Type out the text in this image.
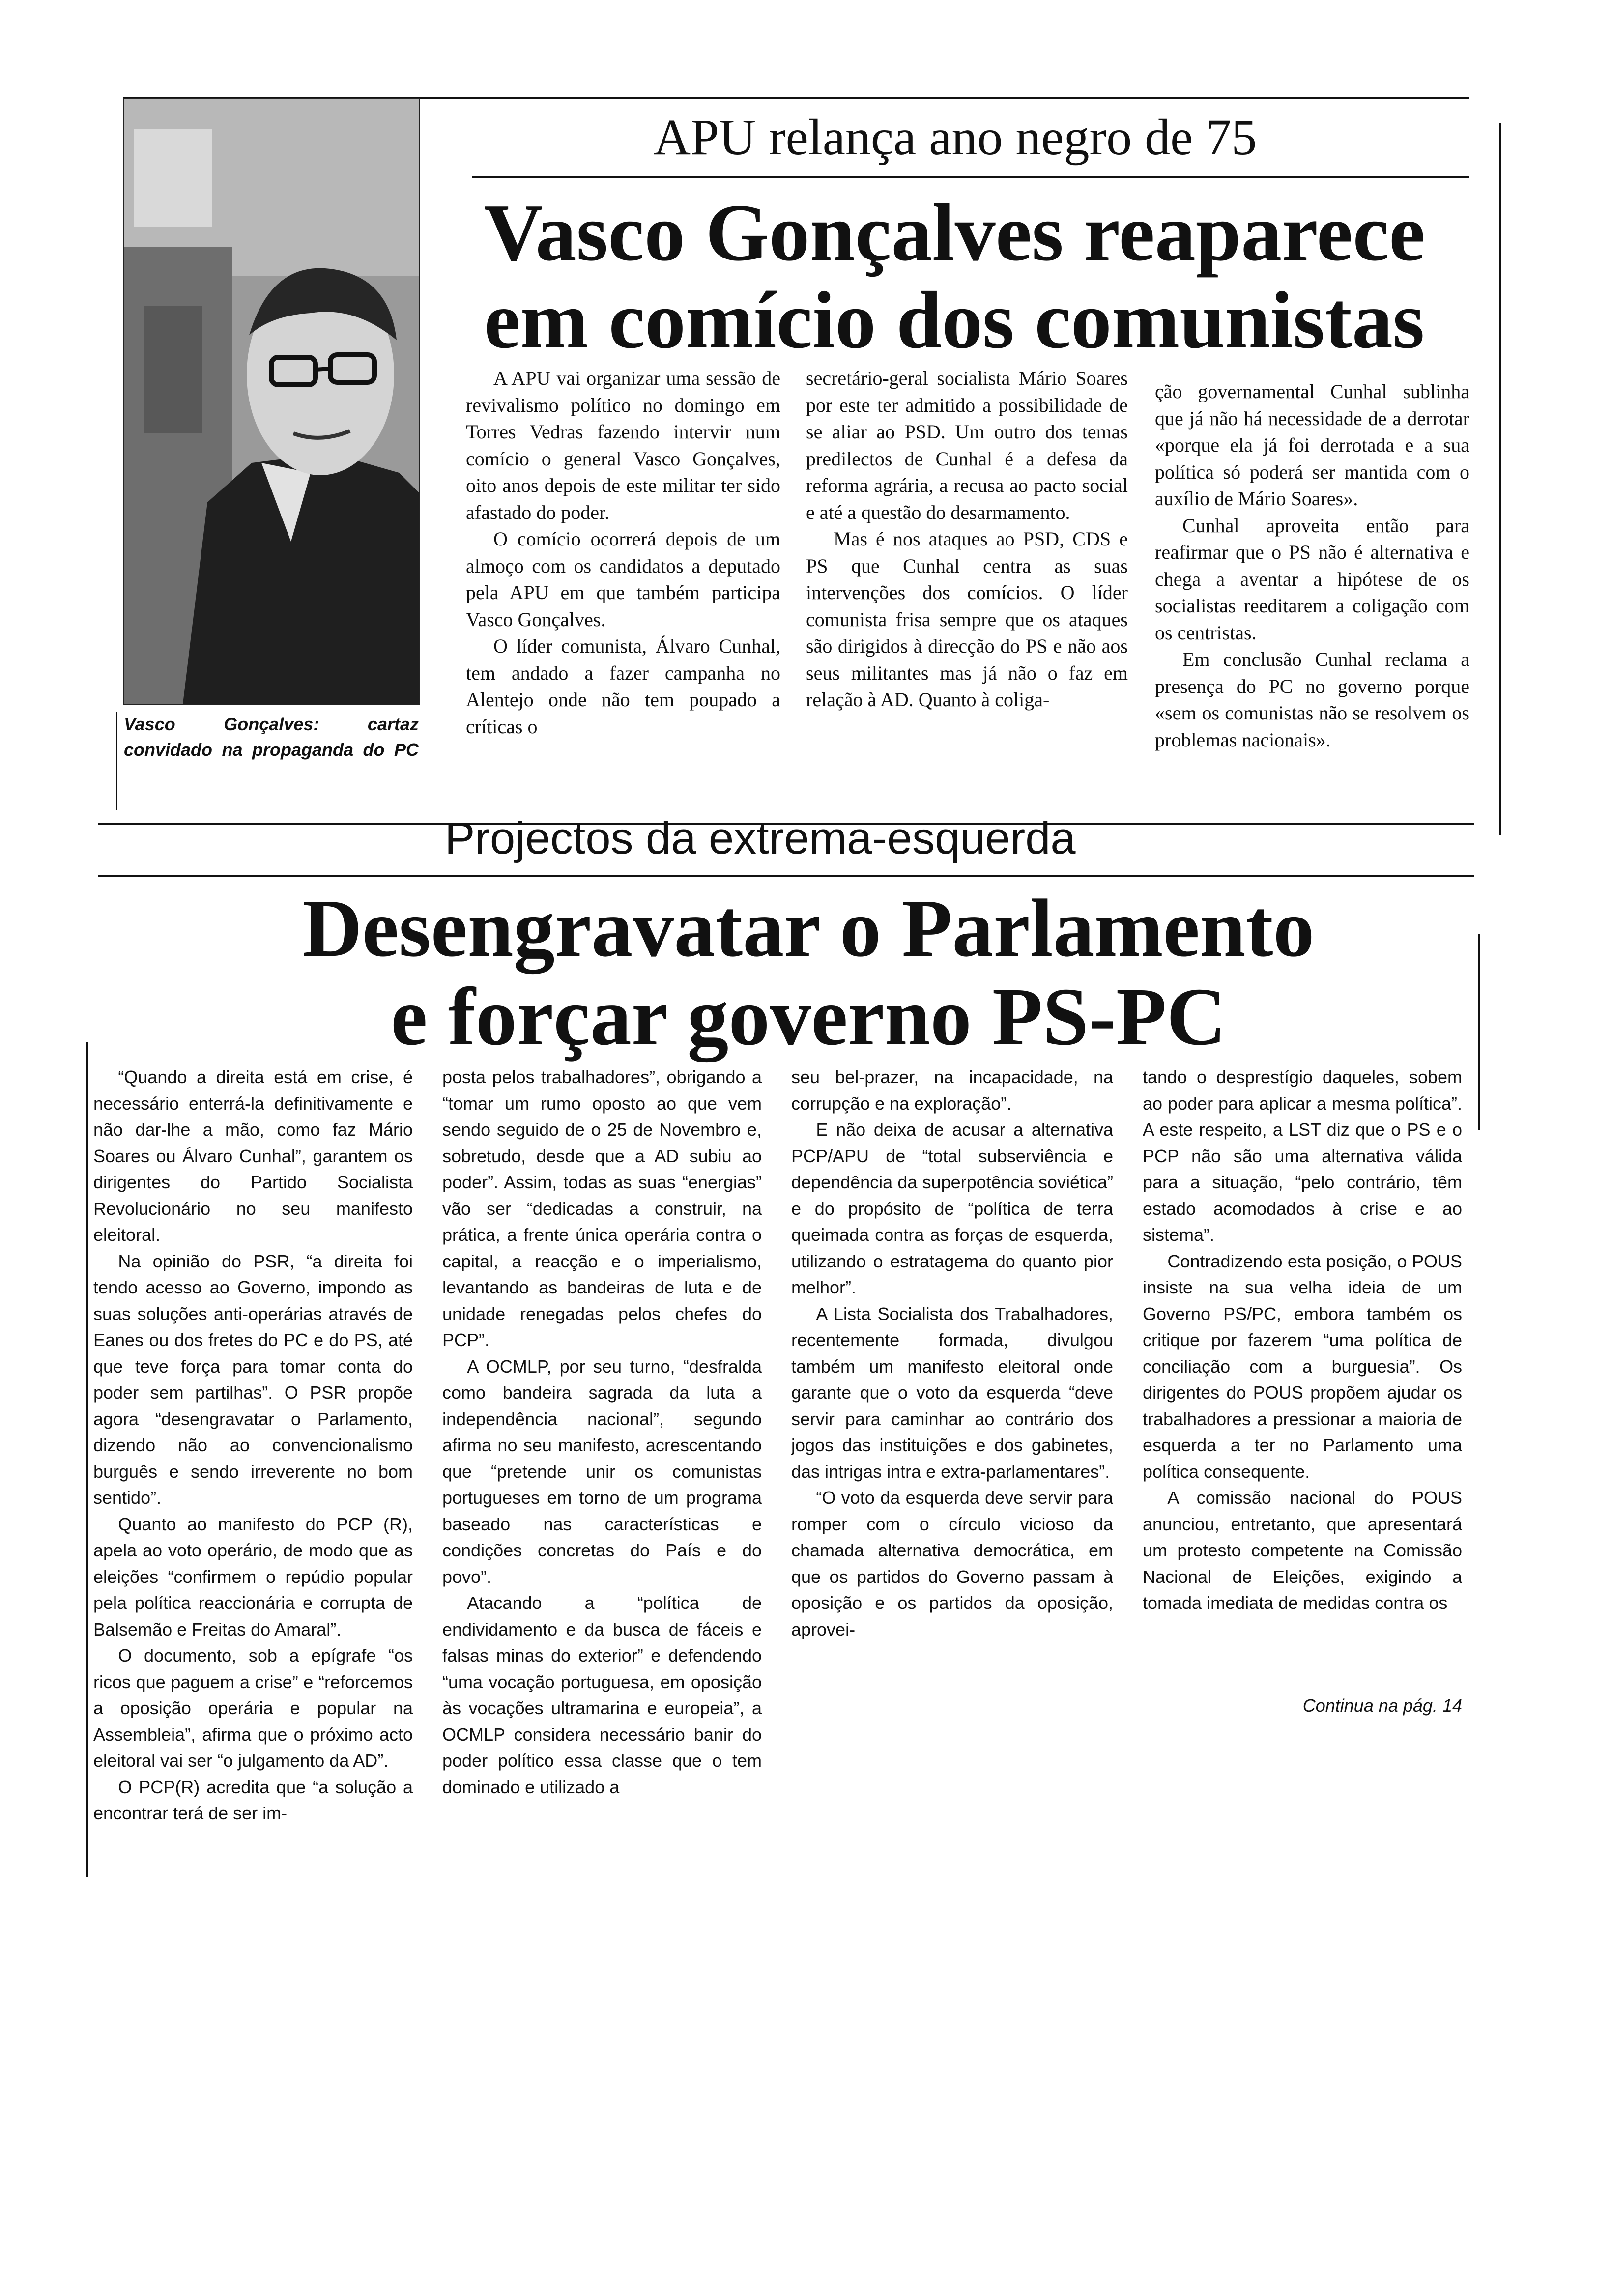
Vasco Gonçalves: cartaz convidado na propaganda do PC
APU relança ano negro de 75
Vasco Gonçalves reaparece
em comício dos comunistas

A APU vai organizar uma sessão de revivalismo político no domingo em Torres Vedras fazendo intervir num comício o general Vasco Gonçalves, oito anos depois de este militar ter sido afastado do poder.

O comício ocorrerá depois de um almoço com os candidatos a deputado pela APU em que também participa Vasco Gonçalves.

O líder comunista, Álvaro Cunhal, tem andado a fazer campanha no Alentejo onde não tem poupado a críticas o

secretário-geral socialista Mário Soares por este ter admitido a possibilidade de se aliar ao PSD. Um outro dos temas predilectos de Cunhal é a defesa da reforma agrária, a recusa ao pacto social e até a questão do desarmamento.

Mas é nos ataques ao PSD, CDS e PS que Cunhal centra as suas intervenções dos comícios. O líder comunista frisa sempre que os ataques são dirigidos à direcção do PS e não aos seus militantes mas já não o faz em relação à AD. Quanto à coliga-

ção governamental Cunhal sublinha que já não há necessidade de a derrotar «porque ela já foi derrotada e a sua política só poderá ser mantida com o auxílio de Mário Soares».

Cunhal aproveita então para reafirmar que o PS não é alternativa e chega a aventar a hipótese de os socialistas reeditarem a coligação com os centristas.

Em conclusão Cunhal reclama a presença do PC no governo porque «sem os comunistas não se resolvem os problemas nacionais».

Projectos da extrema-esquerda
Desengravatar o Parlamento
e forçar governo PS-PC

“Quando a direita está em crise, é necessário enterrá-la definitivamente e não dar-lhe a mão, como faz Mário Soares ou Álvaro Cunhal”, garantem os dirigentes do Partido Socialista Revolucionário no seu manifesto eleitoral.

Na opinião do PSR, “a direita foi tendo acesso ao Governo, impondo as suas soluções anti-operárias através de Eanes ou dos fretes do PC e do PS, até que teve força para tomar conta do poder sem partilhas”. O PSR propõe agora “desengravatar o Parlamento, dizendo não ao convencionalismo burguês e sendo irreverente no bom sentido”.

Quanto ao manifesto do PCP (R), apela ao voto operário, de modo que as eleições “confirmem o repúdio popular pela política reaccionária e corrupta de Balsemão e Freitas do Amaral”.

O documento, sob a epígrafe “os ricos que paguem a crise” e “reforcemos a oposição operária e popular na Assembleia”, afirma que o próximo acto eleitoral vai ser “o julgamento da AD”.

O PCP(R) acredita que “a solução a encontrar terá de ser im-

posta pelos trabalhadores”, obrigando a “tomar um rumo oposto ao que vem sendo seguido de o 25 de Novembro e, sobretudo, desde que a AD subiu ao poder”. Assim, todas as suas “energias” vão ser “dedicadas a construir, na prática, a frente única operária contra o capital, a reacção e o imperialismo, levantando as bandeiras de luta e de unidade renegadas pelos chefes do PCP”.

A OCMLP, por seu turno, “desfralda como bandeira sagrada da luta a independência nacional”, segundo afirma no seu manifesto, acrescentando que “pretende unir os comunistas portugueses em torno de um programa baseado nas características e condições concretas do País e do povo”.

Atacando a “política de endividamento e da busca de fáceis e falsas minas do exterior” e defendendo “uma vocação portuguesa, em oposição às vocações ultramarina e europeia”, a OCMLP considera necessário banir do poder político essa classe que o tem dominado e utilizado a

seu bel-prazer, na incapacidade, na corrupção e na exploração”.

E não deixa de acusar a alternativa PCP/APU de “total subserviência e dependência da superpotência soviética” e do propósito de “política de terra queimada contra as forças de esquerda, utilizando o estratagema do quanto pior melhor”.

A Lista Socialista dos Trabalhadores, recentemente formada, divulgou também um manifesto eleitoral onde garante que o voto da esquerda “deve servir para caminhar ao contrário dos jogos das instituições e dos gabinetes, das intrigas intra e extra-parlamentares”.

“O voto da esquerda deve servir para romper com o círculo vicioso da chamada alternativa democrática, em que os partidos do Governo passam à oposição e os partidos da oposição, aprovei-

tando o desprestígio daqueles, sobem ao poder para aplicar a mesma política”. A este respeito, a LST diz que o PS e o PCP não são uma alternativa válida para a situação, “pelo contrário, têm estado acomodados à crise e ao sistema”.

Contradizendo esta posição, o POUS insiste na sua velha ideia de um Governo PS/PC, embora também os critique por fazerem “uma política de conciliação com a burguesia”. Os dirigentes do POUS propõem ajudar os trabalhadores a pressionar a maioria de esquerda a ter no Parlamento uma política consequente.

A comissão nacional do POUS anunciou, entretanto, que apresentará um protesto competente na Comissão Nacional de Eleições, exigindo a tomada imediata de medidas contra os

Continua na pág. 14
